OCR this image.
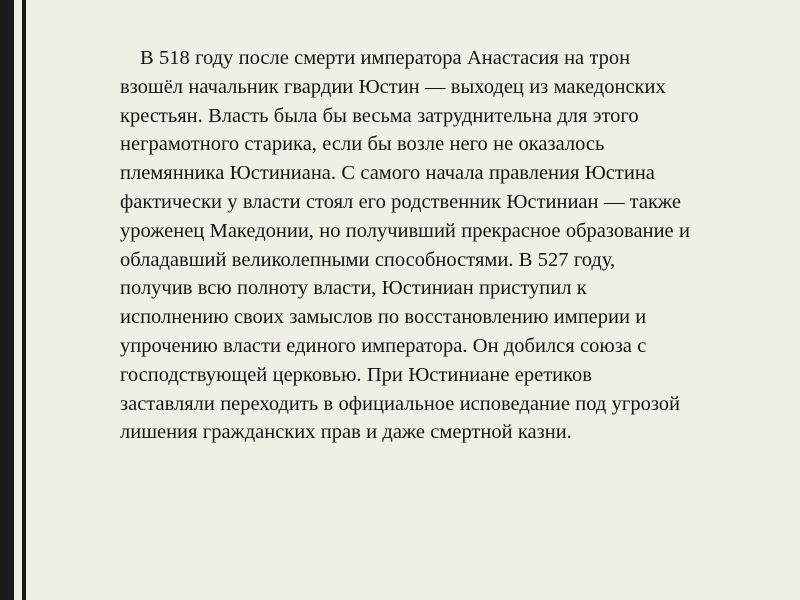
В 518 году после смерти императора Анастасия на трон взошёл начальник гвардии Юстин — выходец из македонских крестьян. Власть была бы весьма затруднительна для этого неграмотного старика, если бы возле него не оказалось племянника Юстиниана. С самого начала правления Юстина фактически у власти стоял его родственник Юстиниан — также уроженец Македонии, но получивший прекрасное образование и обладавший великолепными способностями. В 527 году, получив всю полноту власти, Юстиниан приступил к исполнению своих замыслов по восстановлению империи и упрочению власти единого императора. Он добился союза с господствующей церковью. При Юстиниане еретиков заставляли переходить в официальное исповедание под угрозой лишения гражданских прав и даже смертной казни.
